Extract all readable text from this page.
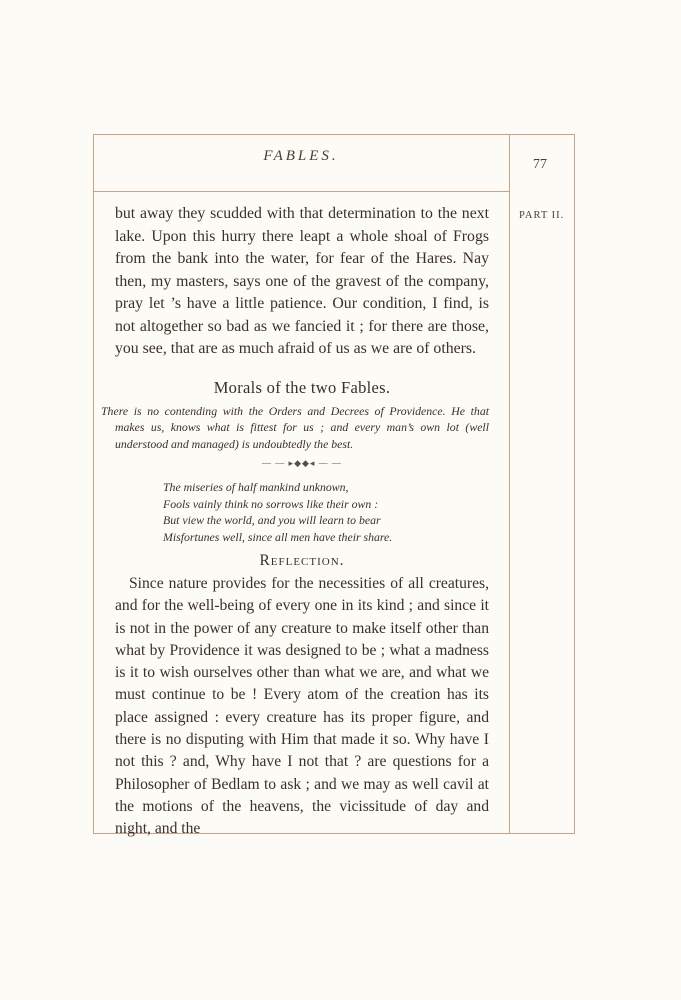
FABLES.
77
PART II.

but away they scudded with that determination to the next lake. Upon this hurry there leapt a whole shoal of Frogs from the bank into the water, for fear of the Hares. Nay then, my masters, says one of the gravest of the company, pray let ’s have a little patience. Our condition, I find, is not altogether so bad as we fancied it ; for there are those, you see, that are as much afraid of us as we are of others.

Morals of the two Fables.

There is no contending with the Orders and Decrees of Providence. He that makes us, knows what is fittest for us ; and every man’s own lot (well understood and managed) is undoubtedly the best.

— — ▸◆◆◂ — —
The miseries of half mankind unknown,
Fools vainly think no sorrows like their own :
But view the world, and you will learn to bear
Misfortunes well, since all men have their share.
Reflection.

Since nature provides for the necessities of all creatures, and for the well-being of every one in its kind ; and since it is not in the power of any creature to make itself other than what by Providence it was designed to be ; what a madness is it to wish ourselves other than what we are, and what we must continue to be ! Every atom of the creation has its place assigned : every creature has its proper figure, and there is no disputing with Him that made it so. Why have I not this ? and, Why have I not that ? are questions for a Philosopher of Bedlam to ask ; and we may as well cavil at the motions of the heavens, the vicissitude of day and night, and the
